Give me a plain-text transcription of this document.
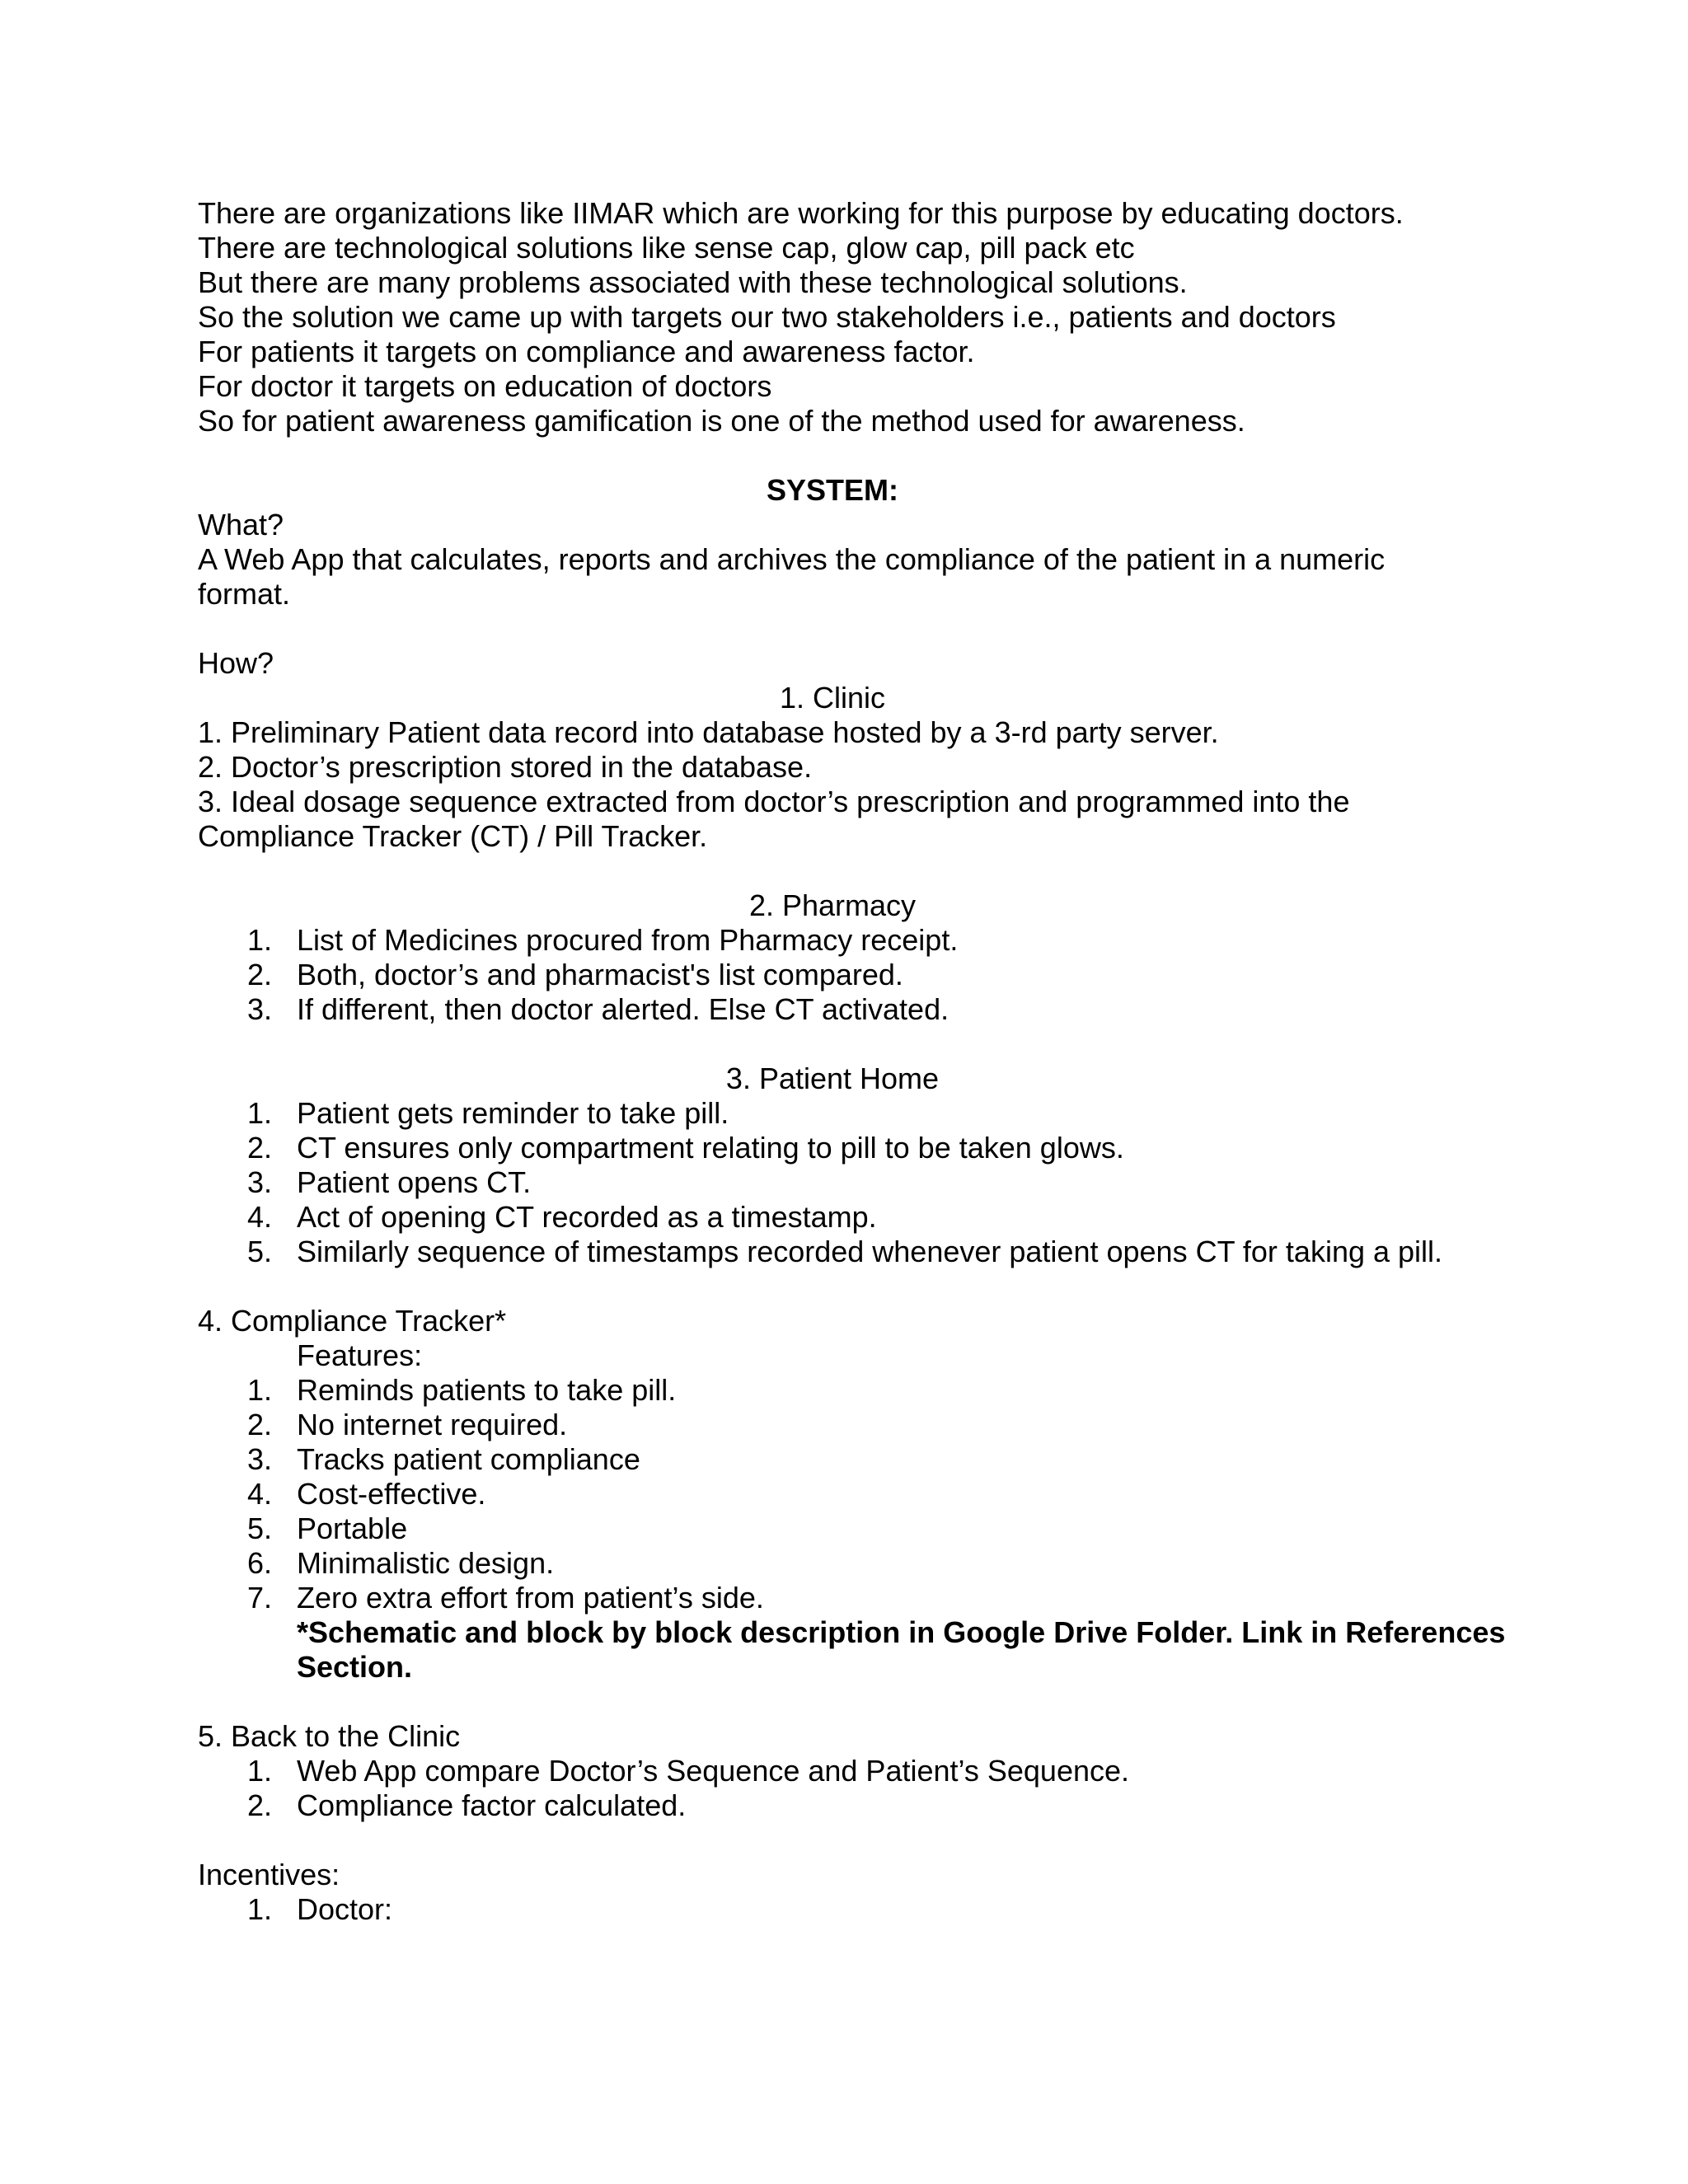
There are organizations like IIMAR which are working for this purpose by educating doctors.
There are technological solutions like sense cap, glow cap, pill pack etc
But there are many problems associated with these technological solutions.
So the solution we came up with targets our two stakeholders i.e., patients and doctors
For patients it targets on compliance and awareness factor.
For doctor it targets on education of doctors
So for patient awareness gamification is one of the method used for awareness.
SYSTEM:
What?
A Web App that calculates, reports and archives the compliance of the patient in a numeric format.
How?
1. Clinic
1. Preliminary Patient data record into database hosted by a 3-rd party server.
2. Doctor’s prescription stored in the database.
3. Ideal dosage sequence extracted from doctor’s prescription and programmed into the Compliance Tracker (CT) / Pill Tracker.
2. Pharmacy
1. List of Medicines procured from Pharmacy receipt.
2. Both, doctor’s and pharmacist's list compared.
3. If different, then doctor alerted. Else CT activated.
3. Patient Home
1. Patient gets reminder to take pill.
2. CT ensures only compartment relating to pill to be taken glows.
3. Patient opens CT.
4. Act of opening CT recorded as a timestamp.
5. Similarly sequence of timestamps recorded whenever patient opens CT for taking a pill.
4. Compliance Tracker*
Features:
1. Reminds patients to take pill.
2. No internet required.
3. Tracks patient compliance
4. Cost-effective.
5. Portable
6. Minimalistic design.
7. Zero extra effort from patient’s side.
*Schematic and block by block description in Google Drive Folder. Link in References Section.
5. Back to the Clinic
1. Web App compare Doctor’s Sequence and Patient’s Sequence.
2. Compliance factor calculated.
Incentives:
1. Doctor:
